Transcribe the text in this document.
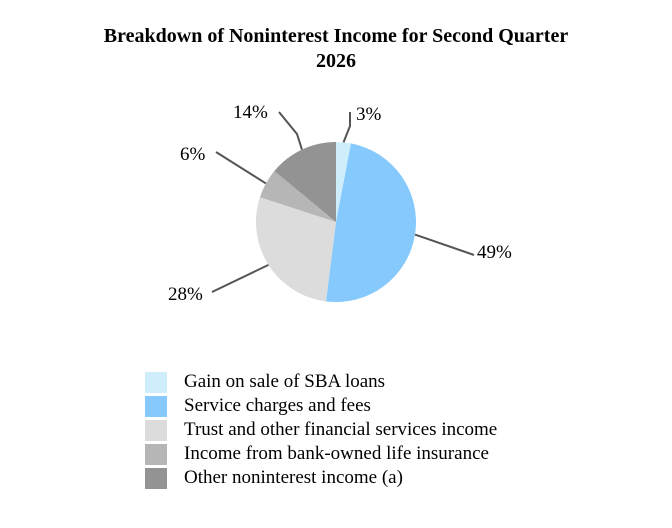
Breakdown of Noninterest Income for Second Quarter
2026
3%
49%
28%
6%
14%
Gain on sale of SBA loans
Service charges and fees
Trust and other financial services income
Income from bank-owned life insurance
Other noninterest income (a)
